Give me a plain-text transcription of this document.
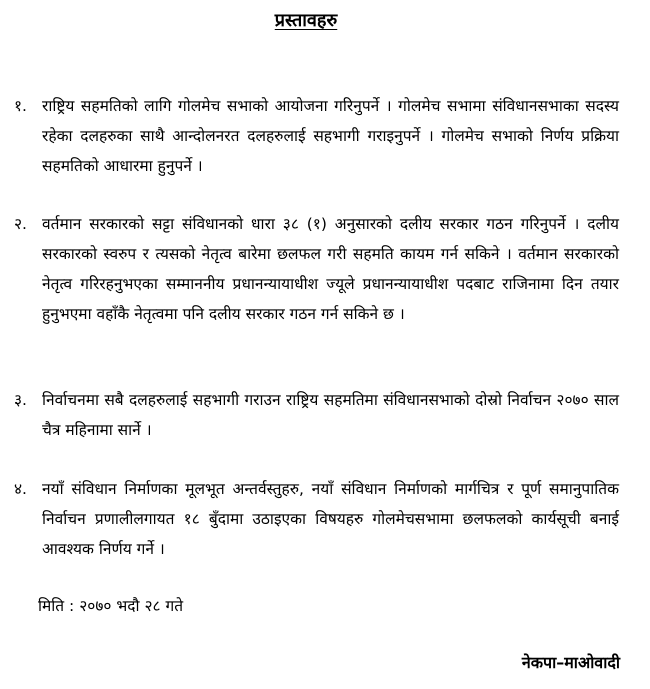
प्रस्तावहरु
१. राष्ट्रिय सहमतिको लागि गोलमेच सभाको आयोजना गरिनुपर्ने । गोलमेच सभामा संविधानसभाका सदस्य रहेका दलहरुका साथै आन्दोलनरत दलहरुलाई सहभागी गराइनुपर्ने । गोलमेच सभाको निर्णय प्रक्रिया सहमतिको आधारमा हुनुपर्ने ।
२. वर्तमान सरकारको सट्टा संविधानको धारा ३८ (१) अनुसारको दलीय सरकार गठन गरिनुपर्ने । दलीय सरकारको स्वरुप र त्यसको नेतृत्व बारेमा छलफल गरी सहमति कायम गर्न सकिने । वर्तमान सरकारको नेतृत्व गरिरहनुभएका सम्माननीय प्रधानन्यायाधीश ज्यूले प्रधानन्यायाधीश पदबाट राजिनामा दिन तयार हुनुभएमा वहाँकै नेतृत्वमा पनि दलीय सरकार गठन गर्न सकिने छ ।
३. निर्वाचनमा सबै दलहरुलाई सहभागी गराउन राष्ट्रिय सहमतिमा संविधानसभाको दोस्रो निर्वाचन २०७० साल चैत्र महिनामा सार्ने ।
४. नयाँ संविधान निर्माणका मूलभूत अन्तर्वस्तुहरु, नयाँ संविधान निर्माणको मार्गचित्र र पूर्ण समानुपातिक निर्वाचन प्रणालीलगायत १८ बुँदामा उठाइएका विषयहरु गोलमेचसभामा छलफलको कार्यसूची बनाई आवश्यक निर्णय गर्ने ।
मिति : २०७० भदौ २८ गते
नेकपा–माओवादी
